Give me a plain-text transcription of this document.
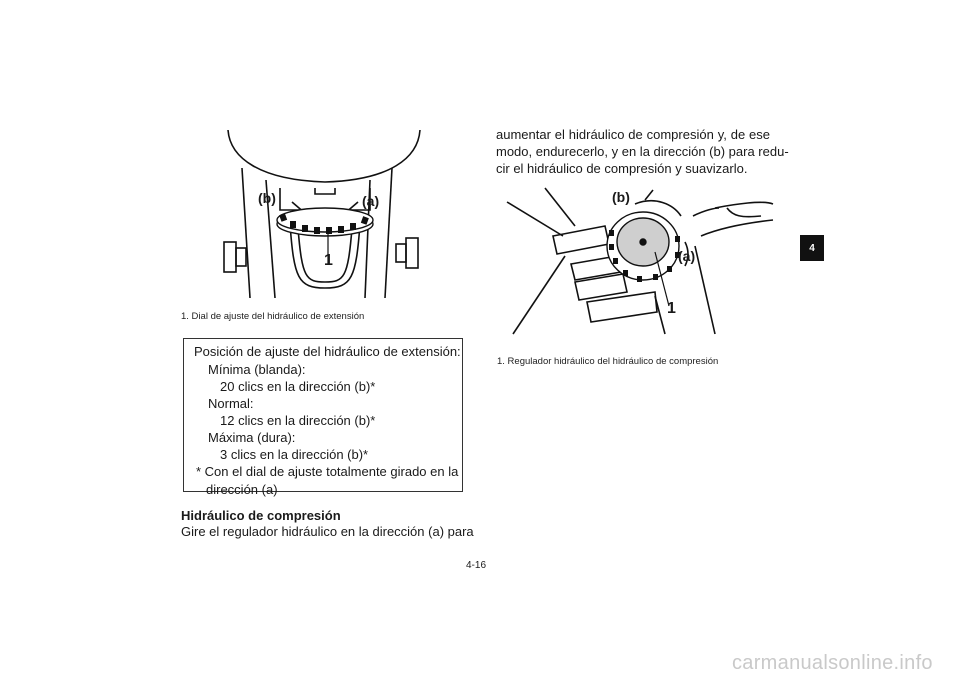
(b)	(a)
1
1. Dial de ajuste del hidráulico de extensión
Posición de ajuste del hidráulico de extensión:
Mínima (blanda):
20 clics en la dirección (b)*
Normal:
12 clics en la dirección (b)*
Máxima (dura):
3 clics en la dirección (b)*
* Con el dial de ajuste totalmente girado en la
dirección (a)
Hidráulico de compresión
Gire el regulador hidráulico en la dirección (a) para
aumentar el hidráulico de compresión y, de ese
modo, endurecerlo, y en la dirección (b) para redu-
cir el hidráulico de compresión y suavizarlo.
(b)
(a)
1
1. Regulador hidráulico del hidráulico de compresión
4
4-16
carmanualsonline.info
